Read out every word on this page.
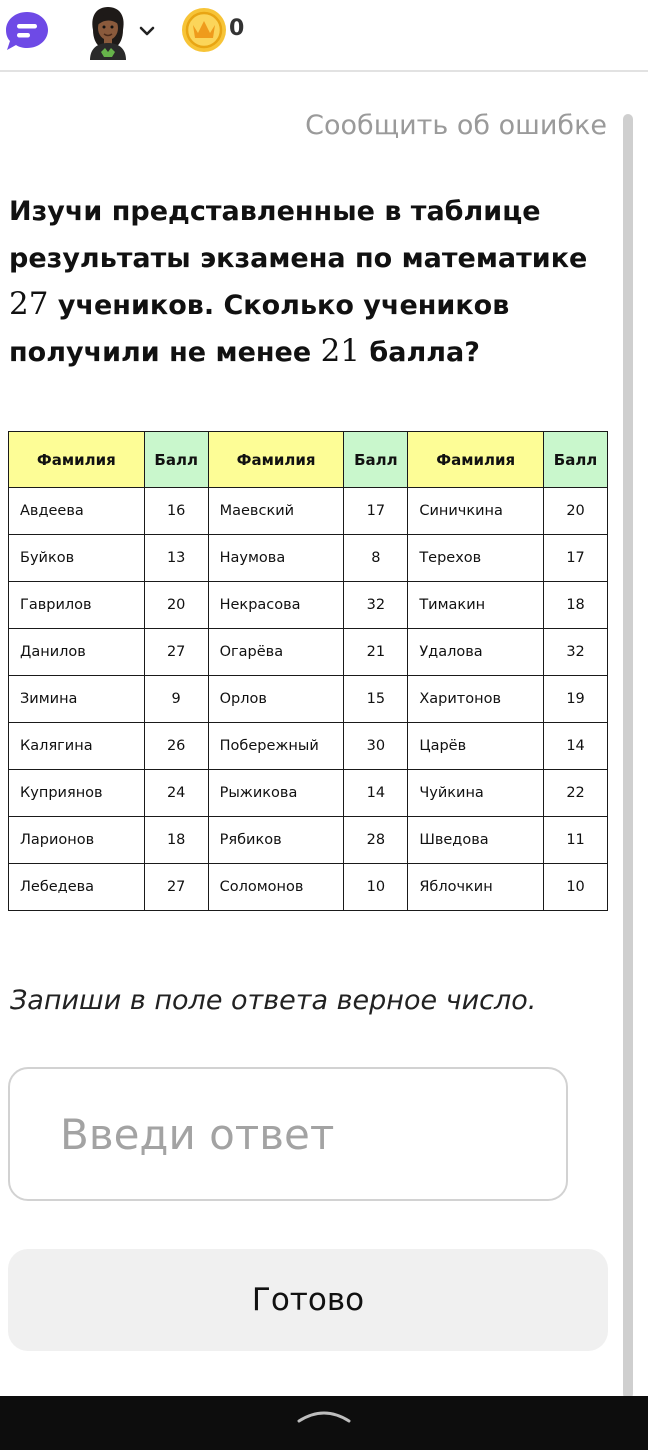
0
Сообщить об ошибке

Изучи представленные в таблице результаты экзамена по математике 27 учеников. Сколько учеников получили не менее 21 балла?

Фамилия	Балл	Фамилия	Балл	Фамилия	Балл
Авдеева	16	Маевский	17	Синичкина	20
Буйков	13	Наумова	8	Терехов	17
Гаврилов	20	Некрасова	32	Тимакин	18
Данилов	27	Огарёва	21	Удалова	32
Зимина	9	Орлов	15	Харитонов	19
Калягина	26	Побережный	30	Царёв	14
Куприянов	24	Рыжикова	14	Чуйкина	22
Ларионов	18	Рябиков	28	Шведова	11
Лебедева	27	Соломонов	10	Яблочкин	10

Запиши в поле ответа верное число.

Введи ответ
Готово
